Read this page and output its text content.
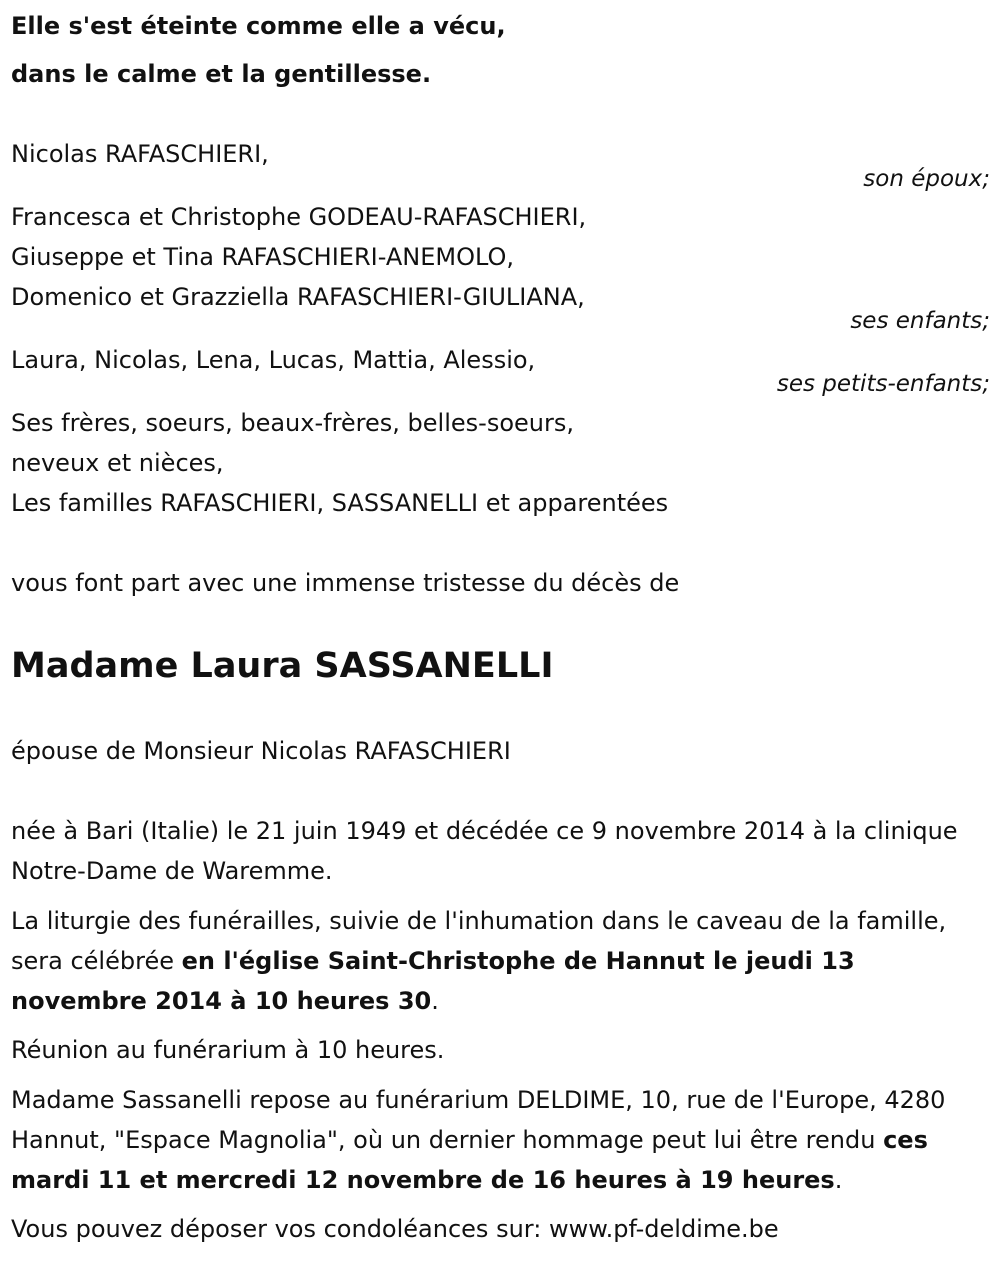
Elle s'est éteinte comme elle a vécu,
dans le calme et la gentillesse.
Nicolas RAFASCHIERI,
son époux;
Francesca et Christophe GODEAU-RAFASCHIERI,
Giuseppe et Tina RAFASCHIERI-ANEMOLO,
Domenico et Grazziella RAFASCHIERI-GIULIANA,
ses enfants;
Laura, Nicolas, Lena, Lucas, Mattia, Alessio,
ses petits-enfants;
Ses frères, soeurs, beaux-frères, belles-soeurs,
neveux et nièces,
Les familles RAFASCHIERI, SASSANELLI et apparentées
vous font part avec une immense tristesse du décès de
Madame Laura SASSANELLI
épouse de Monsieur Nicolas RAFASCHIERI
née à Bari (Italie) le 21 juin 1949 et décédée ce 9 novembre 2014 à la clinique Notre-Dame de Waremme.
La liturgie des funérailles, suivie de l'inhumation dans le caveau de la famille, sera célébrée en l'église Saint-Christophe de Hannut le jeudi 13 novembre 2014 à 10 heures 30.
Réunion au funérarium à 10 heures.
Madame Sassanelli repose au funérarium DELDIME, 10, rue de l'Europe, 4280 Hannut, "Espace Magnolia", où un dernier hommage peut lui être rendu ces mardi 11 et mercredi 12 novembre de 16 heures à 19 heures.
Vous pouvez déposer vos condoléances sur: www.pf-deldime.be
